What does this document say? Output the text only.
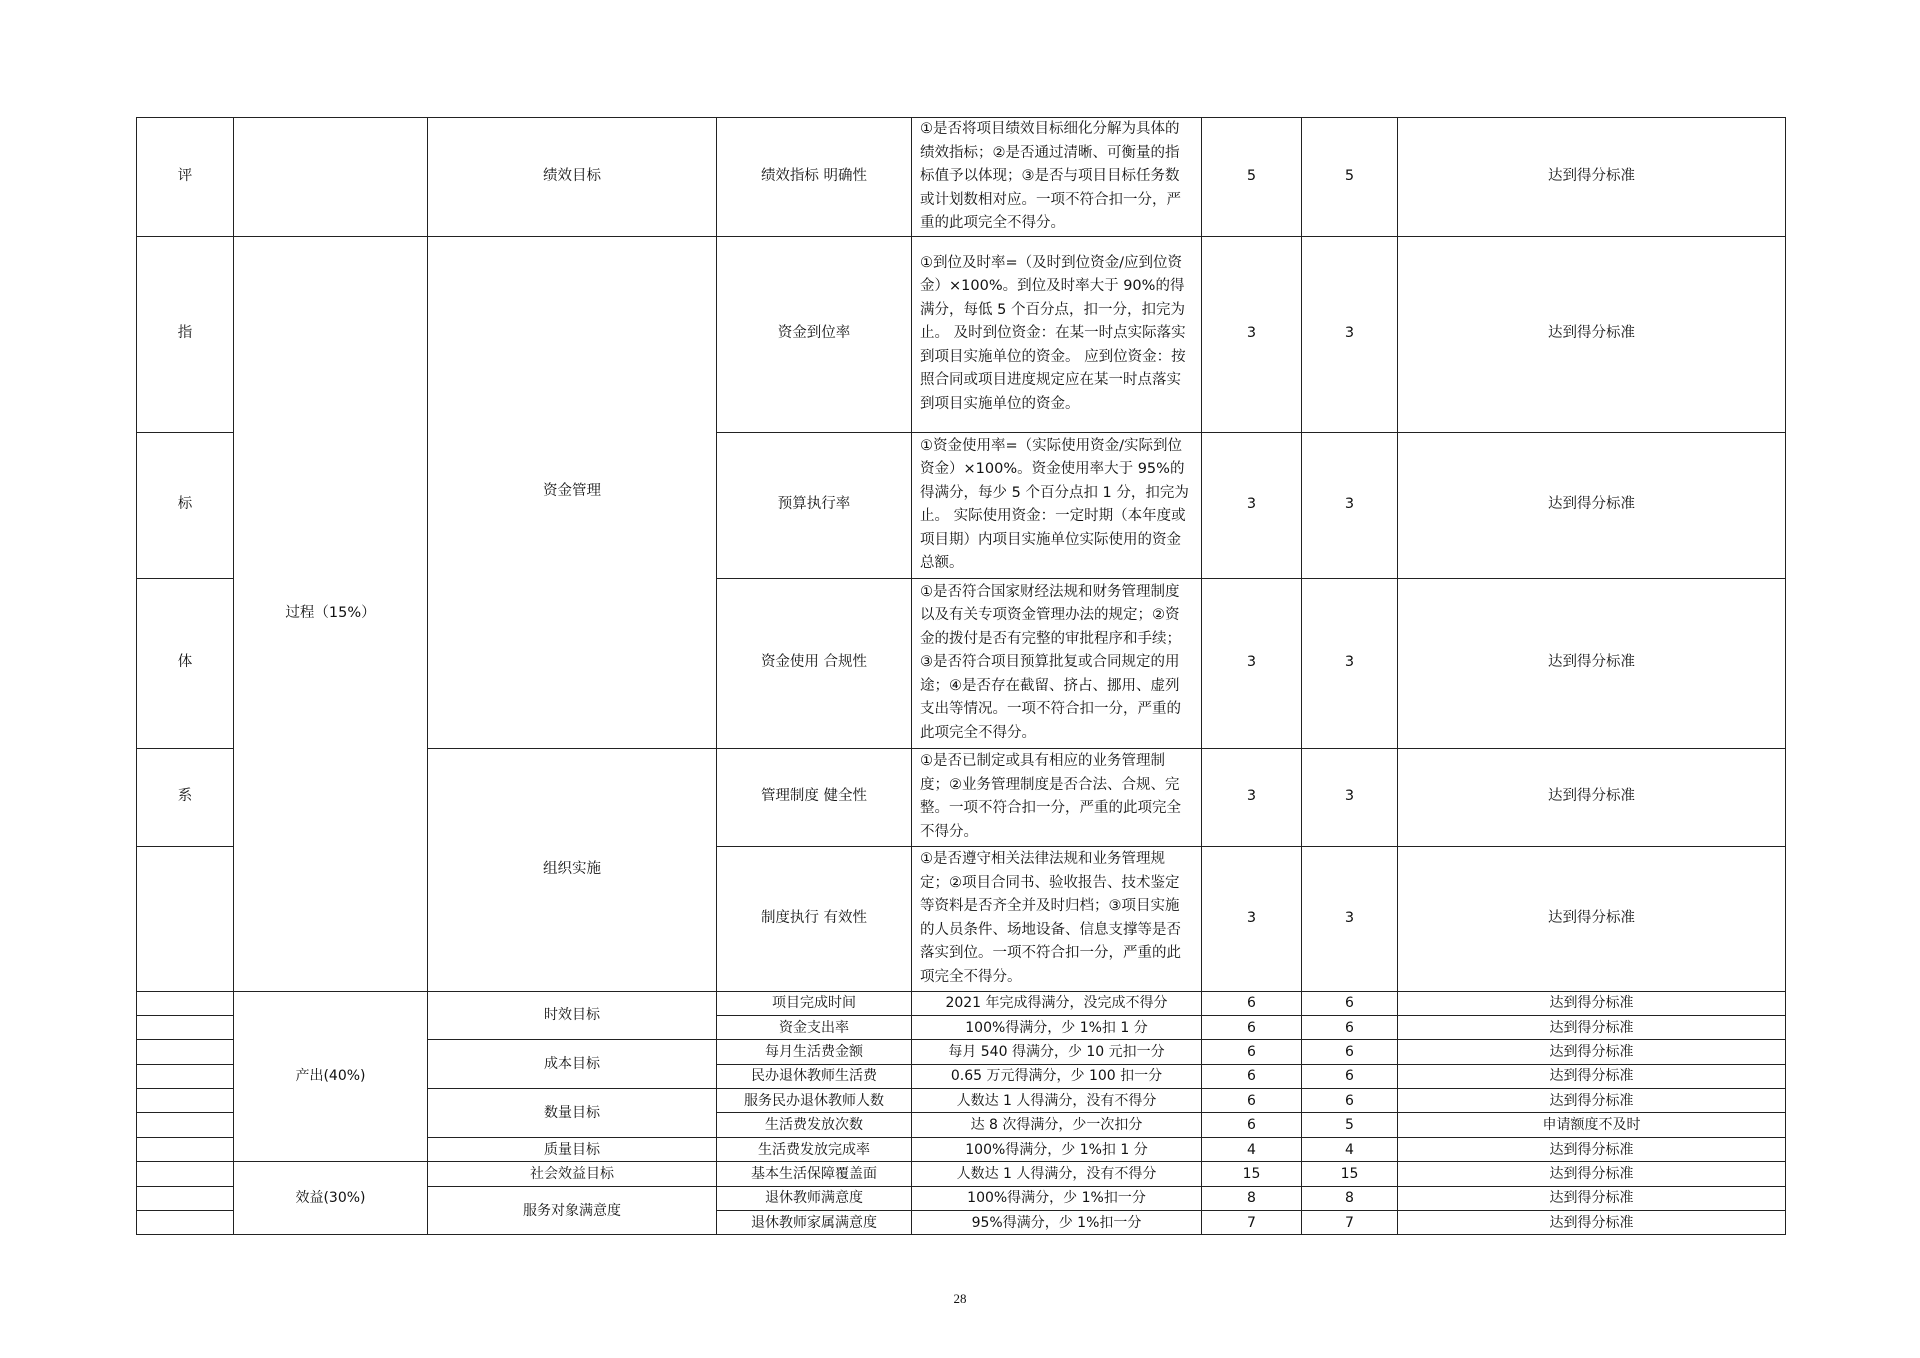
评		绩效目标	绩效指标 明确性	①是否将项目绩效目标细化分解为具体的绩效指标；②是否通过清晰、可衡量的指标值予以体现；③是否与项目目标任务数或计划数相对应。一项不符合扣一分，严重的此项完全不得分。	5	5	达到得分标准
指	过程（15%）	资金管理	资金到位率	①到位及时率=（及时到位资金/应到位资金）×100%。到位及时率大于 90%的得满分，每低 5 个百分点，扣一分，扣完为止。 及时到位资金：在某一时点实际落实到项目实施单位的资金。 应到位资金：按照合同或项目进度规定应在某一时点落实到项目实施单位的资金。	3	3	达到得分标准
标			预算执行率	①资金使用率=（实际使用资金/实际到位资金）×100%。资金使用率大于 95%的得满分，每少 5 个百分点扣 1 分，扣完为止。 实际使用资金：一定时期（本年度或项目期）内项目实施单位实际使用的资金总额。	3	3	达到得分标准
体			资金使用 合规性	①是否符合国家财经法规和财务管理制度以及有关专项资金管理办法的规定；②资金的拨付是否有完整的审批程序和手续；③是否符合项目预算批复或合同规定的用途；④是否存在截留、挤占、挪用、虚列支出等情况。一项不符合扣一分，严重的此项完全不得分。	3	3	达到得分标准
系		组织实施	管理制度 健全性	①是否已制定或具有相应的业务管理制度；②业务管理制度是否合法、合规、完整。一项不符合扣一分，严重的此项完全不得分。	3	3	达到得分标准
			制度执行 有效性	①是否遵守相关法律法规和业务管理规定；②项目合同书、验收报告、技术鉴定等资料是否齐全并及时归档；③项目实施的人员条件、场地设备、信息支撑等是否落实到位。一项不符合扣一分，严重的此项完全不得分。	3	3	达到得分标准
	产出(40%)	时效目标	项目完成时间	2021 年完成得满分，没完成不得分	6	6	达到得分标准
			资金支出率	100%得满分，少 1%扣 1 分	6	6	达到得分标准
		成本目标	每月生活费金额	每月 540 得满分，少 10 元扣一分	6	6	达到得分标准
			民办退休教师生活费	0.65 万元得满分，少 100 扣一分	6	6	达到得分标准
		数量目标	服务民办退休教师人数	人数达 1 人得满分，没有不得分	6	6	达到得分标准
			生活费发放次数	达 8 次得满分，少一次扣分	6	5	申请额度不及时
		质量目标	生活费发放完成率	100%得满分，少 1%扣 1 分	4	4	达到得分标准
	效益(30%)	社会效益目标	基本生活保障覆盖面	人数达 1 人得满分，没有不得分	15	15	达到得分标准
		服务对象满意度	退休教师满意度	100%得满分，少 1%扣一分	8	8	达到得分标准
			退休教师家属满意度	95%得满分，少 1%扣一分	7	7	达到得分标准
28
